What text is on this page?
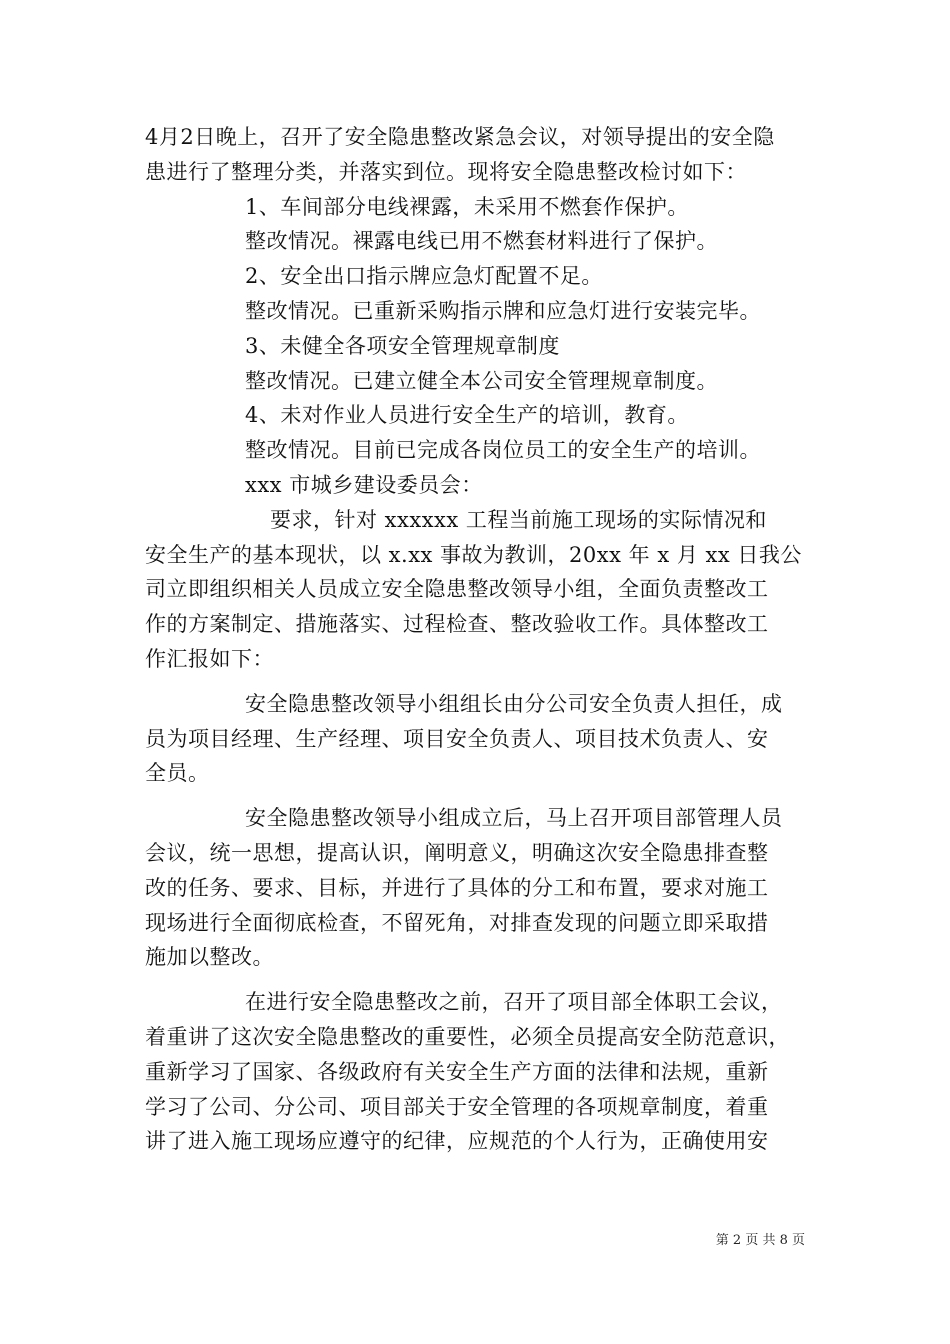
4月2日晚上，召开了安全隐患整改紧急会议，对领导提出的安全隐
患进行了整理分类，并落实到位。现将安全隐患整改检讨如下：
1、车间部分电线裸露，未采用不燃套作保护。
整改情况。裸露电线已用不燃套材料进行了保护。
2、安全出口指示牌应急灯配置不足。
整改情况。已重新采购指示牌和应急灯进行安装完毕。
3、未健全各项安全管理规章制度
整改情况。已建立健全本公司安全管理规章制度。
4、未对作业人员进行安全生产的培训，教育。
整改情况。目前已完成各岗位员工的安全生产的培训。
xxx 市城乡建设委员会：
要求，针对 xxxxxx 工程当前施工现场的实际情况和
安全生产的基本现状，以 x.xx 事故为教训，20xx 年 x 月 xx 日我公
司立即组织相关人员成立安全隐患整改领导小组，全面负责整改工
作的方案制定、措施落实、过程检查、整改验收工作。具体整改工
作汇报如下：
安全隐患整改领导小组组长由分公司安全负责人担任，成
员为项目经理、生产经理、项目安全负责人、项目技术负责人、安
全员。
安全隐患整改领导小组成立后，马上召开项目部管理人员
会议，统一思想，提高认识，阐明意义，明确这次安全隐患排查整
改的任务、要求、目标，并进行了具体的分工和布置，要求对施工
现场进行全面彻底检查，不留死角，对排查发现的问题立即采取措
施加以整改。
在进行安全隐患整改之前，召开了项目部全体职工会议，
着重讲了这次安全隐患整改的重要性，必须全员提高安全防范意识，
重新学习了国家、各级政府有关安全生产方面的法律和法规，重新
学习了公司、分公司、项目部关于安全管理的各项规章制度，着重
讲了进入施工现场应遵守的纪律，应规范的个人行为，正确使用安
第 2 页 共 8 页
